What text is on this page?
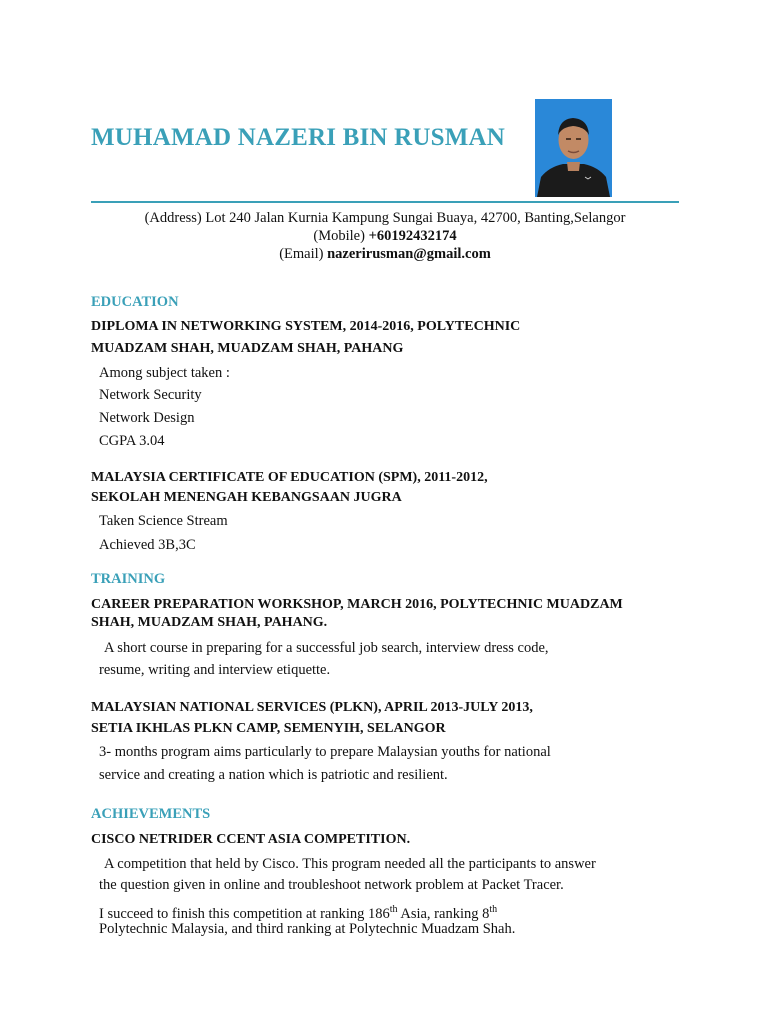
MUHAMAD NAZERI BIN RUSMAN
(Address) Lot 240 Jalan Kurnia Kampung Sungai Buaya, 42700, Banting,Selangor
(Mobile) +60192432174
(Email) nazerirusman@gmail.com
EDUCATION
DIPLOMA IN NETWORKING SYSTEM, 2014-2016, POLYTECHNIC
MUADZAM SHAH, MUADZAM SHAH, PAHANG
Among subject taken :
Network Security
Network Design
CGPA 3.04
MALAYSIA CERTIFICATE OF EDUCATION (SPM), 2011-2012,
SEKOLAH MENENGAH KEBANGSAAN JUGRA
Taken Science Stream
Achieved 3B,3C
TRAINING
CAREER PREPARATION WORKSHOP, MARCH 2016, POLYTECHNIC MUADZAM
SHAH, MUADZAM SHAH, PAHANG.
A short course in preparing for a successful job search, interview dress code,
resume, writing and interview etiquette.
MALAYSIAN NATIONAL SERVICES (PLKN), APRIL 2013-JULY 2013,
SETIA IKHLAS PLKN CAMP, SEMENYIH, SELANGOR
3- months program aims particularly to prepare Malaysian youths for national
service and creating a nation which is patriotic and resilient.
ACHIEVEMENTS
CISCO NETRIDER CCENT ASIA COMPETITION.
A competition that held by Cisco. This program needed all the participants to answer
the question given in online and troubleshoot network problem at Packet Tracer.
I succeed to finish this competition at ranking 186th Asia, ranking 8th
Polytechnic Malaysia, and third ranking at Polytechnic Muadzam Shah.
